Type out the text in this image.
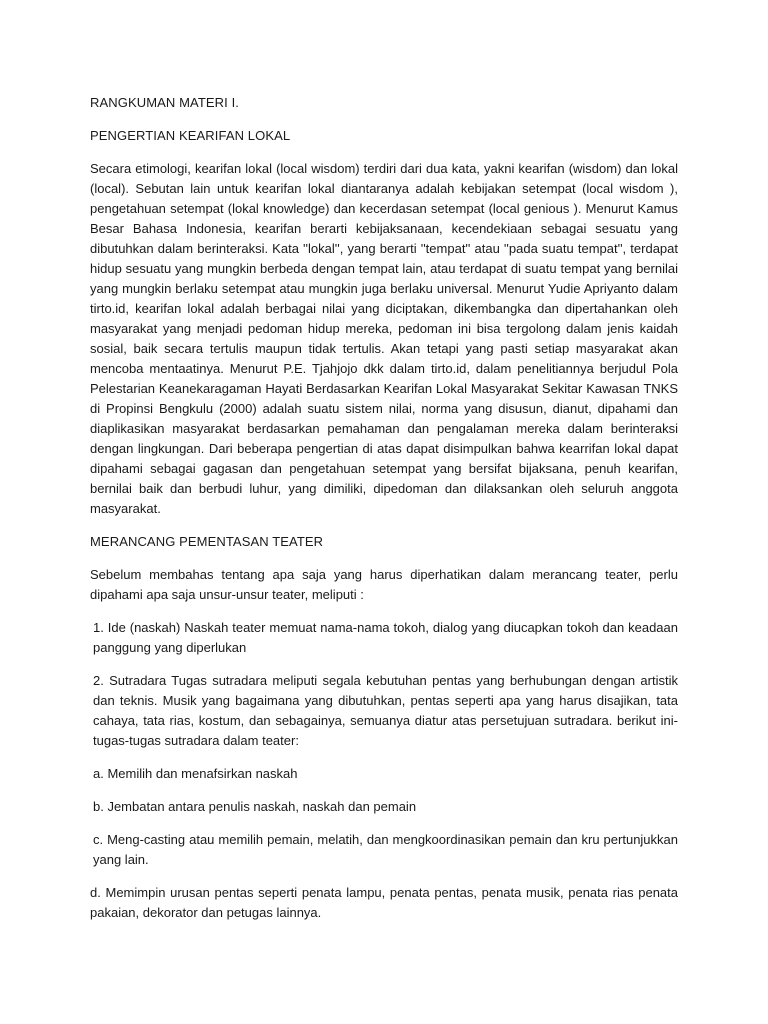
RANGKUMAN MATERI I.

PENGERTIAN KEARIFAN LOKAL

Secara etimologi, kearifan lokal (local wisdom) terdiri dari dua kata, yakni kearifan (wisdom) dan lokal (local). Sebutan lain untuk kearifan lokal diantaranya adalah kebijakan setempat (local wisdom ), pengetahuan setempat (lokal knowledge) dan kecerdasan setempat (local genious ). Menurut Kamus Besar Bahasa Indonesia, kearifan berarti kebijaksanaan, kecendekiaan sebagai sesuatu yang dibutuhkan dalam berinteraksi. Kata ''lokal'', yang berarti ''tempat'' atau ''pada suatu tempat'', terdapat hidup sesuatu yang mungkin berbeda dengan tempat lain, atau terdapat di suatu tempat yang bernilai yang mungkin berlaku setempat atau mungkin juga berlaku universal. Menurut Yudie Apriyanto dalam tirto.id, kearifan lokal adalah berbagai nilai yang diciptakan, dikembangka dan dipertahankan oleh masyarakat yang menjadi pedoman hidup mereka, pedoman ini bisa tergolong dalam jenis kaidah sosial, baik secara tertulis maupun tidak tertulis. Akan tetapi yang pasti setiap masyarakat akan mencoba mentaatinya. Menurut P.E. Tjahjojo dkk dalam tirto.id, dalam penelitiannya berjudul Pola Pelestarian Keanekaragaman Hayati Berdasarkan Kearifan Lokal Masyarakat Sekitar Kawasan TNKS di Propinsi Bengkulu (2000) adalah suatu sistem nilai, norma yang disusun, dianut, dipahami dan diaplikasikan masyarakat berdasarkan pemahaman dan pengalaman mereka dalam berinteraksi dengan lingkungan. Dari beberapa pengertian di atas dapat disimpulkan bahwa kearrifan lokal dapat dipahami sebagai gagasan dan pengetahuan setempat yang bersifat bijaksana, penuh kearifan, bernilai baik dan berbudi luhur, yang dimiliki, dipedoman dan dilaksankan oleh seluruh anggota masyarakat.

MERANCANG PEMENTASAN TEATER

Sebelum membahas tentang apa saja yang harus diperhatikan dalam merancang teater, perlu dipahami apa saja unsur-unsur teater, meliputi :

1. Ide (naskah) Naskah teater memuat nama-nama tokoh, dialog yang diucapkan tokoh dan keadaan panggung yang diperlukan

2. Sutradara Tugas sutradara meliputi segala kebutuhan pentas yang berhubungan dengan artistik dan teknis. Musik yang bagaimana yang dibutuhkan, pentas seperti apa yang harus disajikan, tata cahaya, tata rias, kostum, dan sebagainya, semuanya diatur atas persetujuan sutradara. berikut ini-tugas-tugas sutradara dalam teater:

a. Memilih dan menafsirkan naskah

b. Jembatan antara penulis naskah, naskah dan pemain

c. Meng-casting atau memilih pemain, melatih, dan mengkoordinasikan pemain dan kru pertunjukkan yang lain.

d. Memimpin urusan pentas seperti penata lampu, penata pentas, penata musik, penata rias penata pakaian, dekorator dan petugas lainnya.
